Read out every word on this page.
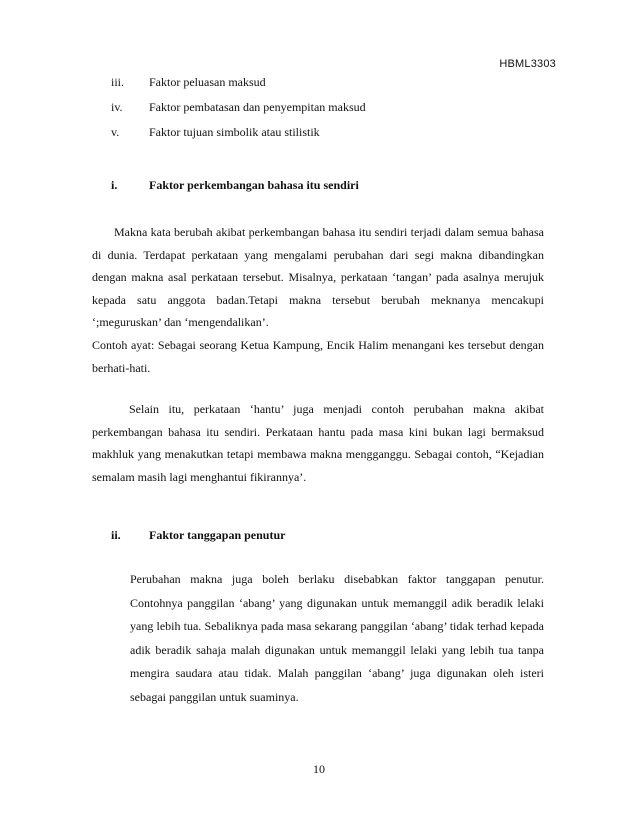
HBML3303
iii.	Faktor peluasan maksud
iv.	Faktor pembatasan dan penyempitan maksud
v.	Faktor tujuan simbolik atau stilistik
i.	Faktor perkembangan bahasa itu sendiri

Makna kata berubah akibat perkembangan bahasa itu sendiri terjadi dalam semua bahasa di dunia. Terdapat perkataan yang mengalami perubahan dari segi makna dibandingkan dengan makna asal perkataan tersebut. Misalnya, perkataan ‘tangan’ pada asalnya merujuk kepada satu anggota badan.Tetapi makna tersebut berubah meknanya mencakupi ‘;meguruskan’ dan ‘mengendalikan’.

Contoh ayat: Sebagai seorang Ketua Kampung, Encik Halim menangani kes tersebut dengan berhati-hati.

Selain itu, perkataan ‘hantu’ juga menjadi contoh perubahan makna akibat perkembangan bahasa itu sendiri. Perkataan hantu pada masa kini bukan lagi bermaksud makhluk yang menakutkan tetapi membawa makna mengganggu. Sebagai contoh, “Kejadian semalam masih lagi menghantui fikirannya’.

ii.	Faktor tanggapan penutur

Perubahan makna juga boleh berlaku disebabkan faktor tanggapan penutur. Contohnya panggilan ‘abang’ yang digunakan untuk memanggil adik beradik lelaki yang lebih tua. Sebaliknya pada masa sekarang panggilan ‘abang’ tidak terhad kepada adik beradik sahaja malah digunakan untuk memanggil lelaki yang lebih tua tanpa mengira saudara atau tidak. Malah panggilan ‘abang’ juga digunakan oleh isteri sebagai panggilan untuk suaminya.

10
